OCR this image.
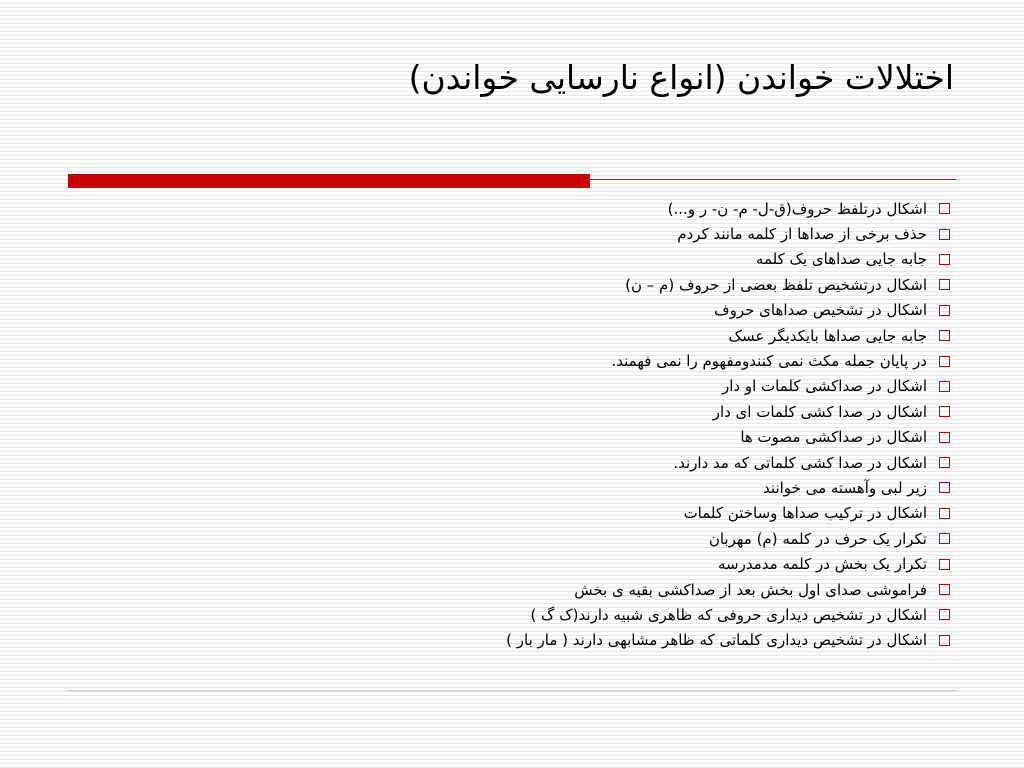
اختلالات خواندن (انواع نارسایی خواندن)
اشکال درتلفظ حروف(ق-ل- م- ن- ر و...)
حذف برخی از صداها از کلمه مانند کردم
جابه جایی صداهای یک کلمه
اشکال درتشخیص تلفظ بعضی از حروف (م – ن)
اشکال در تشخیص صداهای حروف
جابه جایی صداها بایکدیگر عسک
در پایان جمله مکث نمی کنندومفهوم را نمی فهمند.
اشکال در صداکشی کلمات او دار
اشکال در صدا کشی کلمات ای دار
اشکال در صداکشی مصوت ها
اشکال در صدا کشی کلماتی که مد دارند.
زیر لبی وآهسته می خوانند
اشکال در ترکیب صداها وساختن کلمات
تکرار یک حرف در کلمه (م) مهربان
تکرار یک بخش در کلمه مدمدرسه
فراموشی صدای اول بخش بعد از صداکشی بقیه ی بخش
اشکال در تشخیص دیداری حروفی که ظاهری شبیه دارند(ک گ )
اشکال در تشخیص دیداری کلماتی که ظاهر مشابهی دارند ( مار بار )
